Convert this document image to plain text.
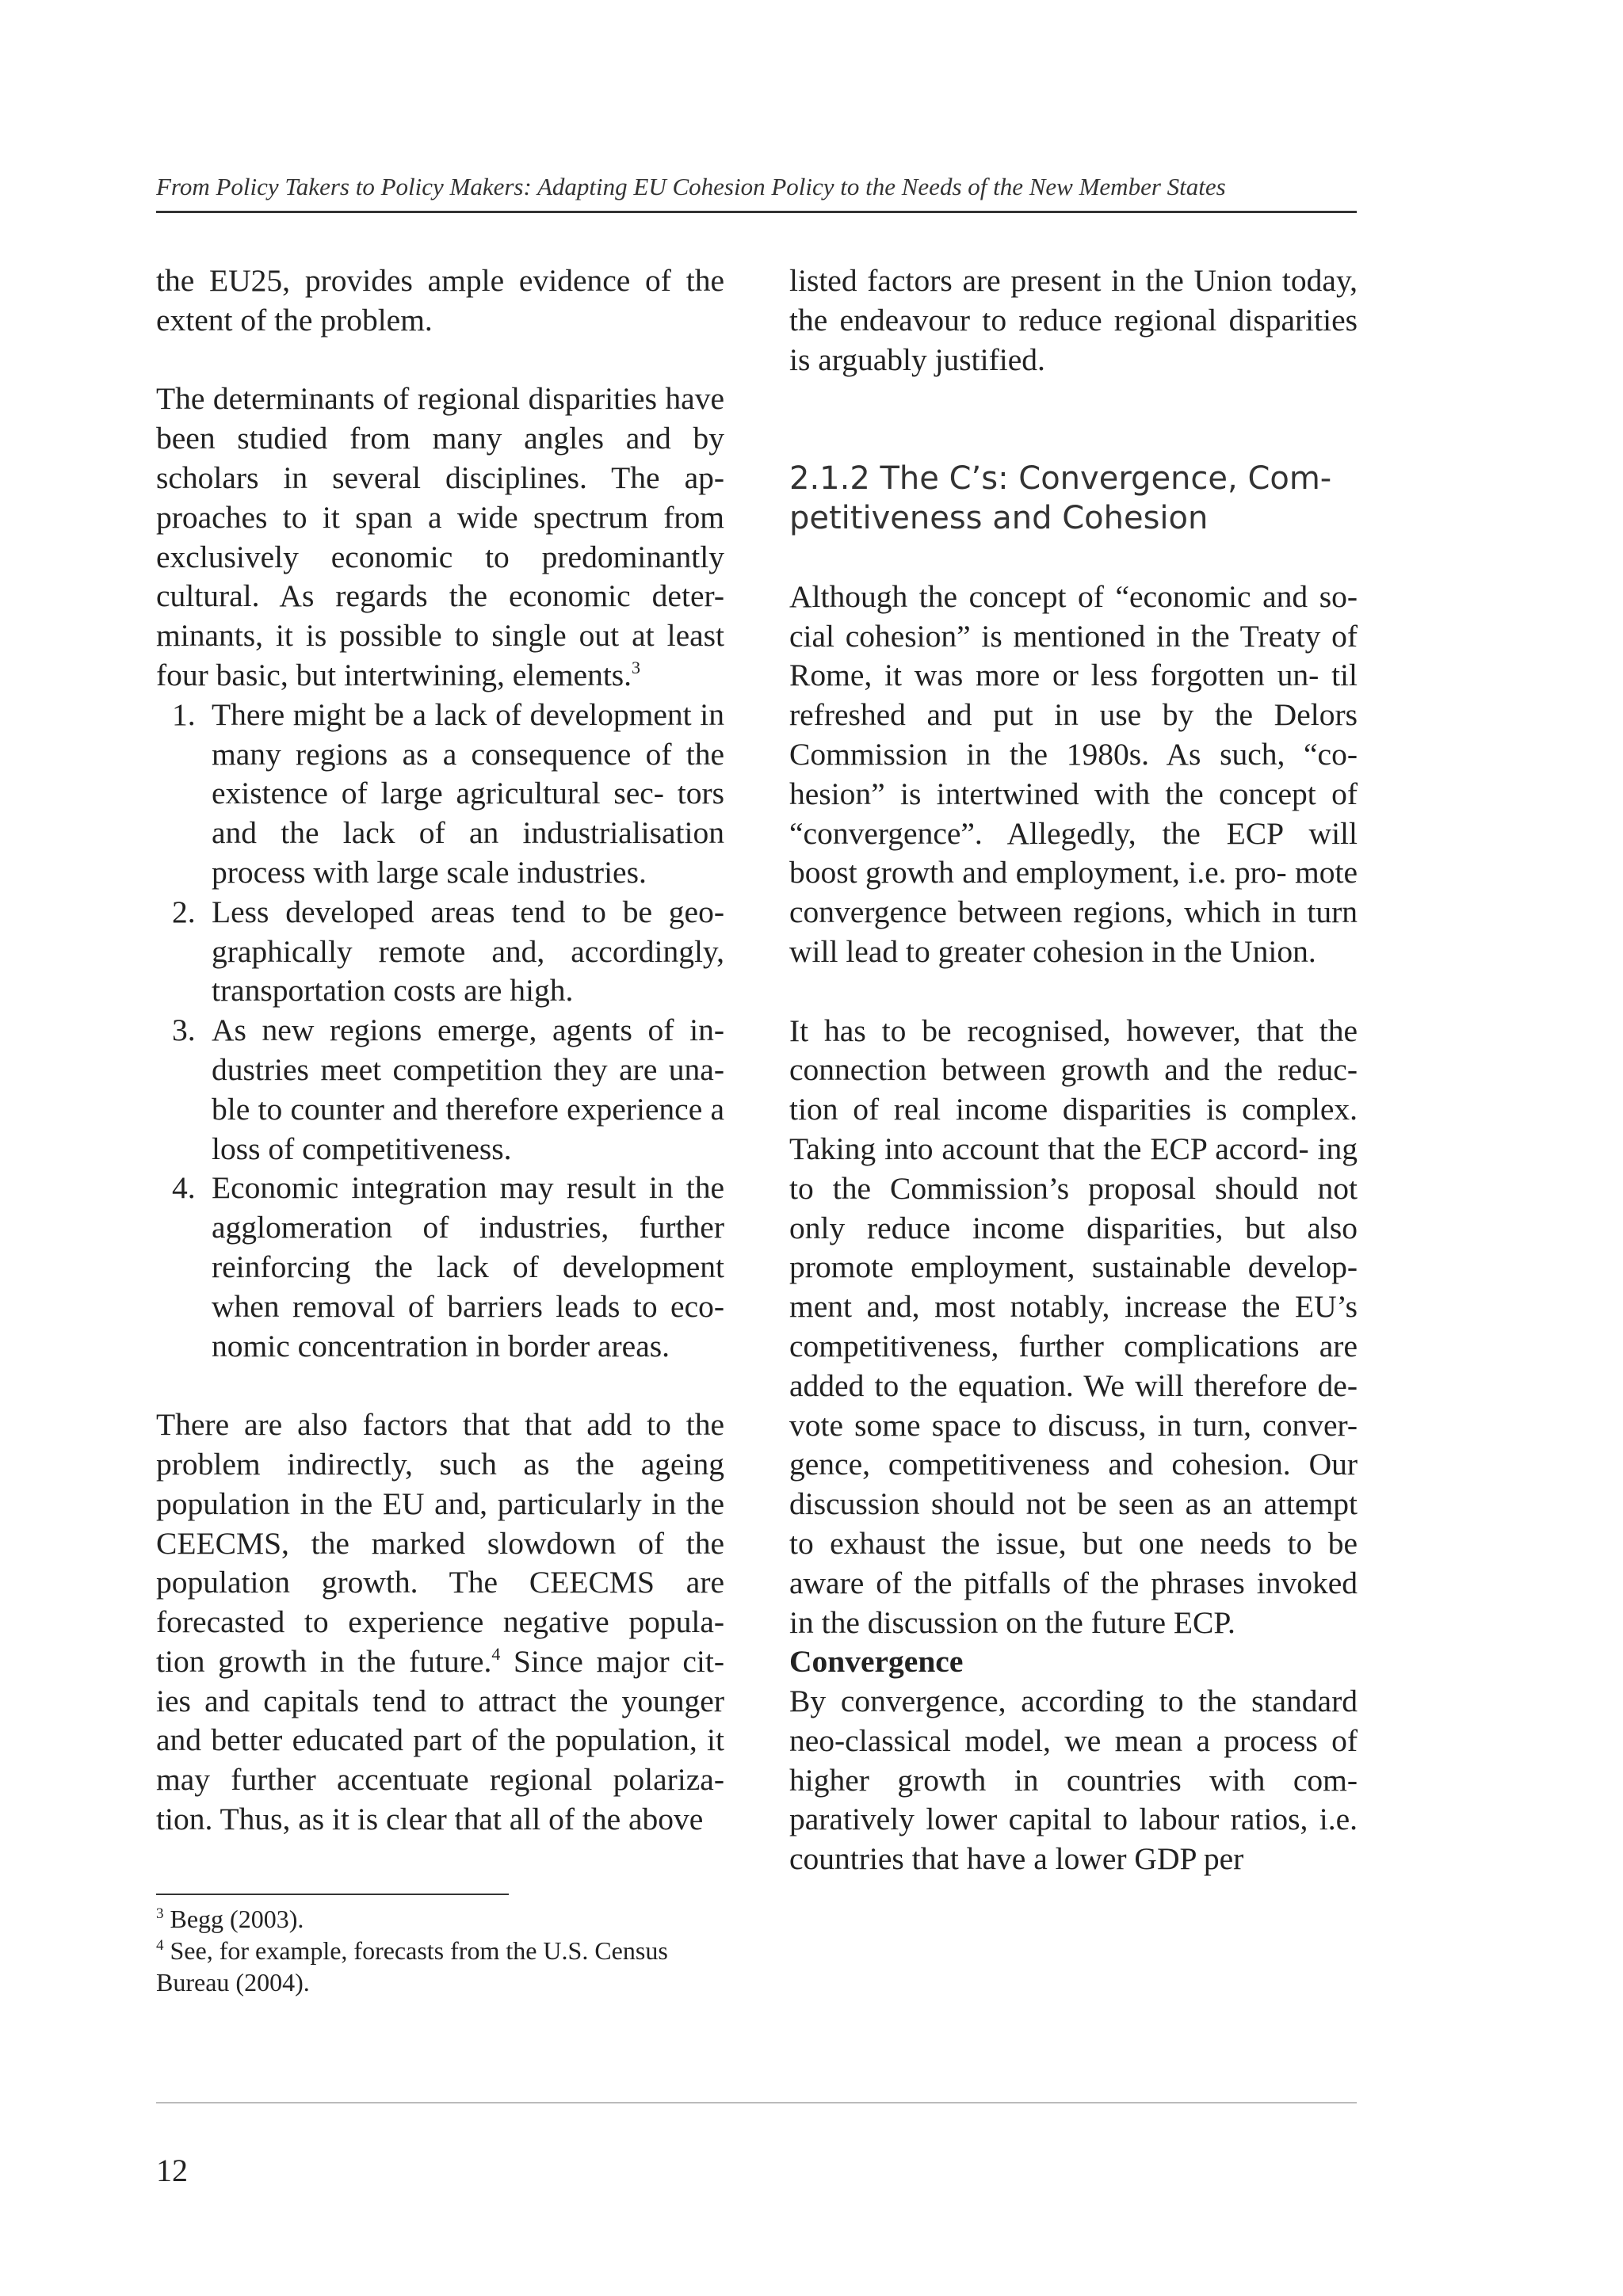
From Policy Takers to Policy Makers: Adapting EU Cohesion Policy to the Needs of the New Member States

the EU25, provides ample evidence of the extent of the problem.

The determinants of regional disparities have been studied from many angles and by scholars in several disciplines. The ap- proaches to it span a wide spectrum from exclusively economic to predominantly cultural. As regards the economic deter- minants, it is possible to single out at least four basic, but intertwining, elements.$^3$

1. There might be a lack of development in many regions as a consequence of the existence of large agricultural sec- tors and the lack of an industrialisation process with large scale industries.
2. Less developed areas tend to be geo- graphically remote and, accordingly, transportation costs are high.
3. As new regions emerge, agents of in- dustries meet competition they are una- ble to counter and therefore experience a loss of competitiveness.
4. Economic integration may result in the agglomeration of industries, further reinforcing the lack of development when removal of barriers leads to eco- nomic concentration in border areas.

There are also factors that that add to the problem indirectly, such as the ageing population in the EU and, particularly in the CEECMS, the marked slowdown of the population growth. The CEECMS are forecasted to experience negative popula- tion growth in the future.$^4$ Since major cit- ies and capitals tend to attract the younger and better educated part of the population, it may further accentuate regional polariza- tion. Thus, as it is clear that all of the above

listed factors are present in the Union today, the endeavour to reduce regional disparities is arguably justified.

2.1.2 The C’s: Convergence, Com- petitiveness and Cohesion

Although the concept of “economic and so- cial cohesion” is mentioned in the Treaty of Rome, it was more or less forgotten un- til refreshed and put in use by the Delors Commission in the 1980s. As such, “co- hesion” is intertwined with the concept of “convergence”. Allegedly, the ECP will boost growth and employment, i.e. pro- mote convergence between regions, which in turn will lead to greater cohesion in the Union.

It has to be recognised, however, that the connection between growth and the reduc- tion of real income disparities is complex. Taking into account that the ECP accord- ing to the Commission’s proposal should not only reduce income disparities, but also promote employment, sustainable develop- ment and, most notably, increase the EU’s competitiveness, further complications are added to the equation. We will therefore de- vote some space to discuss, in turn, conver- gence, competitiveness and cohesion. Our discussion should not be seen as an attempt to exhaust the issue, but one needs to be aware of the pitfalls of the phrases invoked in the discussion on the future ECP.

Convergence

By convergence, according to the standard neo-classical model, we mean a process of higher growth in countries with com- paratively lower capital to labour ratios, i.e. countries that have a lower GDP per

$^3$ Begg (2003).

$^4$ See, for example, forecasts from the U.S. Census Bureau (2004).

12
